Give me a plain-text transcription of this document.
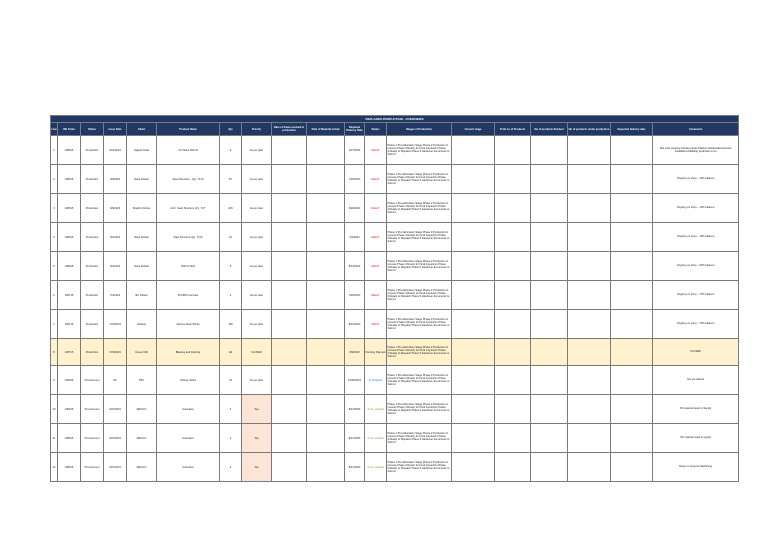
DEPLASER PRODUCTION - OVERVIEWS																		
Line	WA Order	Status	Issue Date	Client	Product Name	Qty	Priority	Date of draw-received to production	Date of Material arrival	Required Delivery Date	Status	Stages of Production	Current stage	Total no of Products	No of products finished	No of products under production	Expected delivery date	Comments
1	138015	Production	2/21/2023	Najeeb Kolla	4.6 Tanks 300m3	6	As per plan			10/7/2023	DELAY	Phase 1:Pre-fabrication Stage Phase 2:Production in process Phase 3:Ready for Final Inspection Phase 4:Ready to Dispatch Phase 5:Handover documents to Submit						Site work ongoing Painting tanks Platform ladders/accessories Installation/Cladding Hydrotest to do
2	138015	Production	3/9/2023	Nasir Abbasi	Steel Structure - Qty: 70 Ni	87	As per plan			7/26/2023	DELAY	Phase 1:Pre-fabrication Stage Phase 2:Production in process Phase 3:Ready for Final Inspection Phase 4:Ready to Dispatch Phase 5:Handover documents to Submit						Ongoing on shop – 10% balance
3	138015	Production	4/8/2023	Sheikh Al Hinai	Arch. Steel Structure Qty: 70 T	206	As per plan			6/28/2023	DELAY	Phase 1:Pre-fabrication Stage Phase 2:Production in process Phase 3:Ready for Final Inspection Phase 4:Ready to Dispatch Phase 5:Handover documents to Submit						Ongoing on shop – 10% balance
4	138015	Production	5/2/2023	Nasir Abbasi	Steel Structure Qty: 70 Ni	42	As per plan			6/2/2023	DELAY	Phase 1:Pre-fabrication Stage Phase 2:Production in process Phase 3:Ready for Final Inspection Phase 4:Ready to Dispatch Phase 5:Handover documents to Submit						Ongoing on shop – 10% balance
5	138015	Production	6/4/2023	Nasir Abbasi	200m3 Tank	6	As per plan			8/14/2023	DELAY	Phase 1:Pre-fabrication Stage Phase 2:Production in process Phase 3:Ready for Final Inspection Phase 4:Ready to Dispatch Phase 5:Handover documents to Submit						Ongoing on shop – 50% balance
6	138715	Production	7/4/2023	Bin Ishtiah	50,000ltr fuel tank	4	As per plan			7/29/2023	DELAY	Phase 1:Pre-fabrication Stage Phase 2:Production in process Phase 3:Ready for Final Inspection Phase 4:Ready to Dispatch Phase 5:Handover documents to Submit						Ongoing on shop – 70% balance
7	138715	Production	7/20/2023	Ghanan	Various Steel Works	106	As per plan			8/24/2023	DELAY	Phase 1:Pre-fabrication Stage Phase 2:Production in process Phase 3:Ready for Final Inspection Phase 4:Ready to Dispatch Phase 5:Handover documents to Submit						Ongoing on shop – 70% balance
8	138715	Production	7/29/2023	Ocean NDI	Blasting and Painting	NA	CLOSED			8/9/2023	Pending Payment	Phase 1:Pre-fabrication Stage Phase 2:Production in process Phase 3:Ready for Final Inspection Phase 4:Ready to Dispatch Phase 5:Handover documents to Submit						CLOSED
9	136325	Procurement	NA	TBC	Various Tanks	23	As per plan			10/25/2023	In Progress	Phase 1:Pre-fabrication Stage Phase 2:Production in process Phase 3:Ready for Final Inspection Phase 4:Ready to Dispatch Phase 5:Handover documents to Submit						Not yet started
10	138015	Procurement	3/27/2023	DEFICO	Autoclave	4	Top			8/27/2023	To be updated	Phase 1:Pre-fabrication Stage Phase 2:Production in process Phase 3:Ready for Final Inspection Phase 4:Ready to Dispatch Phase 5:Handover documents to Submit						SS material need to Supply
11	138015	Procurement	3/27/2023	DEFICO	Autoclave	3	Top			8/27/2023	To be updated	Phase 1:Pre-fabrication Stage Phase 2:Production in process Phase 3:Ready for Final Inspection Phase 4:Ready to Dispatch Phase 5:Handover documents to Submit						SS material need to supply
12	138015	Procurement	3/27/2023	DEFICO	Autoclave	3	Top			8/27/2023	To be updated	Phase 1:Pre-fabrication Stage Phase 2:Production in process Phase 3:Ready for Final Inspection Phase 4:Ready to Dispatch Phase 5:Handover documents to Submit						Rings on shop for Machining
